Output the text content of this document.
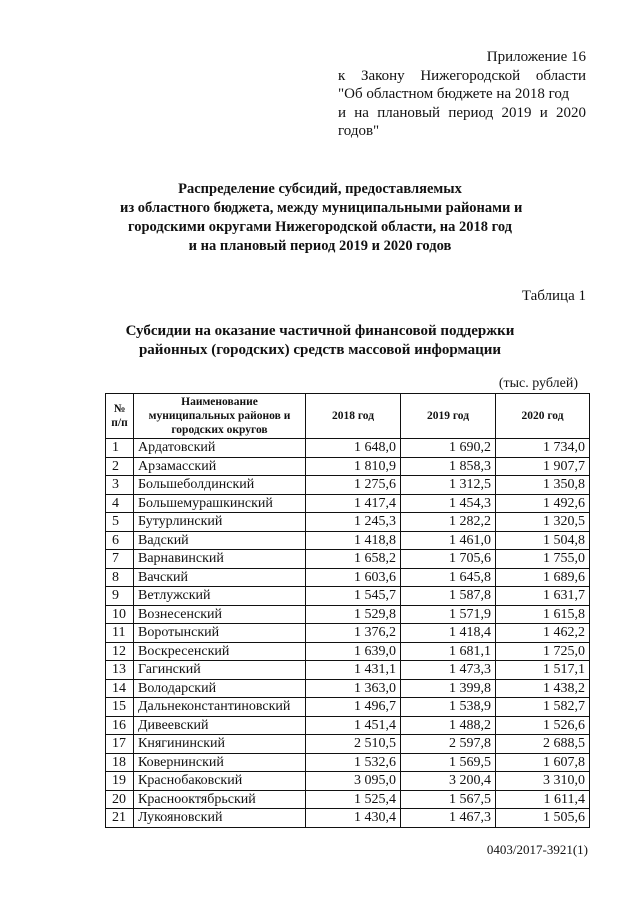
Приложение 16
к Закону Нижегородской области
"Об областном бюджете на 2018 год
и на плановый период 2019 и 2020
годов"
Распределение субсидий, предоставляемых
из областного бюджета, между муниципальными районами и
городскими округами Нижегородской области, на 2018 год
и на плановый период 2019 и 2020 годов
Таблица 1
Субсидии на оказание частичной финансовой поддержки
районных (городских) средств массовой информации
(тыс. рублей)
№ п/п	Наименование муниципальных районов и городских округов	2018 год	2019 год	2020 год
1	Ардатовский	1 648,0	1 690,2	1 734,0
2	Арзамасский	1 810,9	1 858,3	1 907,7
3	Большеболдинский	1 275,6	1 312,5	1 350,8
4	Большемурашкинский	1 417,4	1 454,3	1 492,6
5	Бутурлинский	1 245,3	1 282,2	1 320,5
6	Вадский	1 418,8	1 461,0	1 504,8
7	Варнавинский	1 658,2	1 705,6	1 755,0
8	Вачский	1 603,6	1 645,8	1 689,6
9	Ветлужский	1 545,7	1 587,8	1 631,7
10	Вознесенский	1 529,8	1 571,9	1 615,8
11	Воротынский	1 376,2	1 418,4	1 462,2
12	Воскресенский	1 639,0	1 681,1	1 725,0
13	Гагинский	1 431,1	1 473,3	1 517,1
14	Володарский	1 363,0	1 399,8	1 438,2
15	Дальнеконстантиновский	1 496,7	1 538,9	1 582,7
16	Дивеевский	1 451,4	1 488,2	1 526,6
17	Княгининский	2 510,5	2 597,8	2 688,5
18	Ковернинский	1 532,6	1 569,5	1 607,8
19	Краснобаковский	3 095,0	3 200,4	3 310,0
20	Краснооктябрьский	1 525,4	1 567,5	1 611,4
21	Лукояновский	1 430,4	1 467,3	1 505,6
0403/2017-3921(1)
